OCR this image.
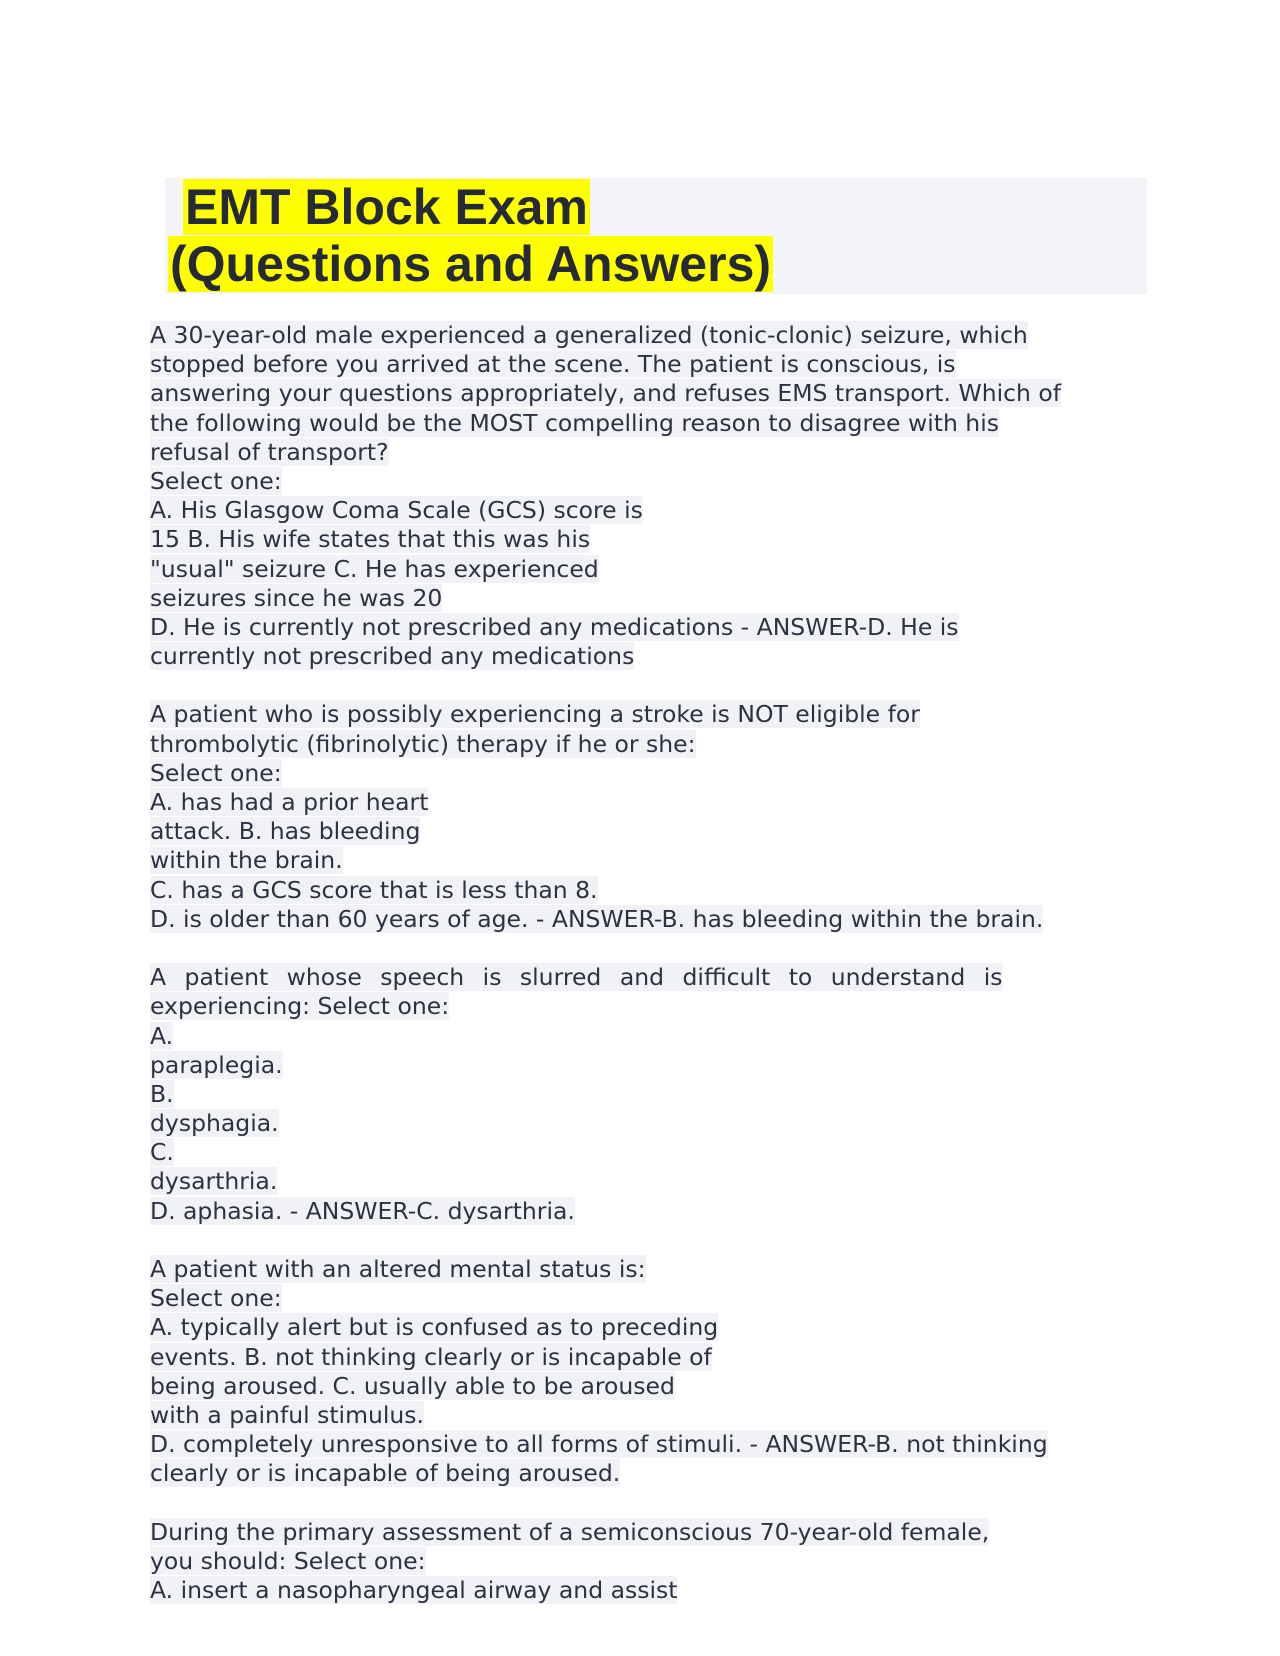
EMT Block Exam
(Questions and Answers)
A 30-year-old male experienced a generalized (tonic-clonic) seizure, which
stopped before you arrived at the scene. The patient is conscious, is
answering your questions appropriately, and refuses EMS transport. Which of
the following would be the MOST compelling reason to disagree with his
refusal of transport?
Select one:
A. His Glasgow Coma Scale (GCS) score is
15 B. His wife states that this was his
"usual" seizure C. He has experienced
seizures since he was 20
D. He is currently not prescribed any medications - ANSWER-D. He is
currently not prescribed any medications
A patient who is possibly experiencing a stroke is NOT eligible for
thrombolytic (fibrinolytic) therapy if he or she:
Select one:
A. has had a prior heart
attack. B. has bleeding
within the brain.
C. has a GCS score that is less than 8.
D. is older than 60 years of age. - ANSWER-B. has bleeding within the brain.
A patient whose speech is slurred and difficult to understand is
experiencing: Select one:
A.
paraplegia.
B.
dysphagia.
C.
dysarthria.
D. aphasia. - ANSWER-C. dysarthria.
A patient with an altered mental status is:
Select one:
A. typically alert but is confused as to preceding
events. B. not thinking clearly or is incapable of
being aroused. C. usually able to be aroused
with a painful stimulus.
D. completely unresponsive to all forms of stimuli. - ANSWER-B. not thinking
clearly or is incapable of being aroused.
During the primary assessment of a semiconscious 70-year-old female,
you should: Select one:
A. insert a nasopharyngeal airway and assist
